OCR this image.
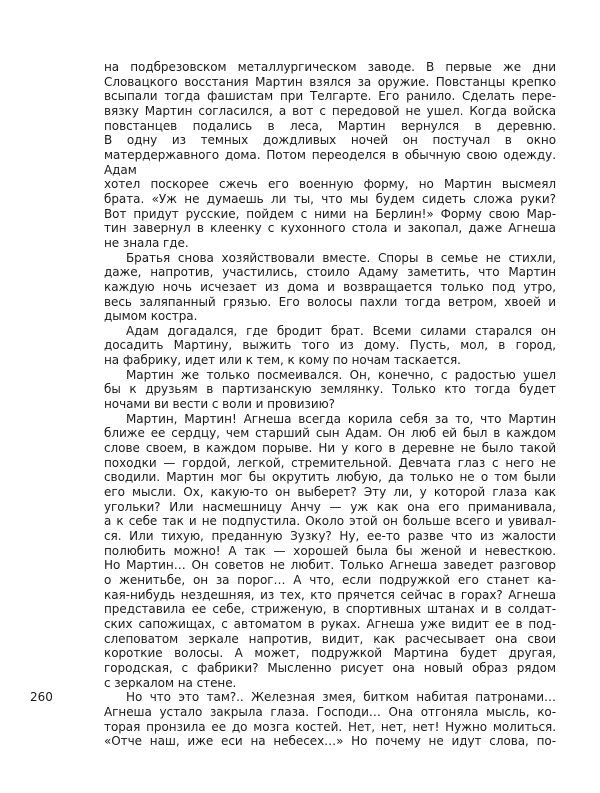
на подбрезовском металлургическом заводе. В первые же дни

Словацкого восстания Мартин взялся за оружие. Повстанцы крепко

всыпали тогда фашистам при Телгарте. Его ранило. Сделать пере-

вязку Мартин согласился, а вот с передовой не ушел. Когда войска

повстанцев подались в леса, Мартин вернулся в деревню.

В одну из темных дождливых ночей он постучал в окно матердержавного дома. Потом переоделся в обычную свою одежду. Адам

хотел поскорее сжечь его военную форму, но Мартин высмеял

брата. «Уж не думаешь ли ты, что мы будем сидеть сложа руки?

Вот придут русские, пойдем с ними на Берлин!» Форму свою Мар-

тин завернул в клеенку с кухонного стола и закопал, даже Агнеша

не знала где.

Братья снова хозяйствовали вместе. Споры в семье не стихли,

даже, напротив, участились, стоило Адаму заметить, что Мартин

каждую ночь исчезает из дома и возвращается только под утро,

весь заляпанный грязью. Его волосы пахли тогда ветром, хвоей и

дымом костра.

Адам догадался, где бродит брат. Всеми силами старался он

досадить Мартину, выжить того из дому. Пусть, мол, в город,

на фабрику, идет или к тем, к кому по ночам таскается.

Мартин же только посмеивался. Он, конечно, с радостью ушел

бы к друзьям в партизанскую землянку. Только кто тогда будет

ночами ви вести с воли и провизию?

Мартин, Мартин! Агнеша всегда корила себя за то, что Мартин

ближе ее сердцу, чем старший сын Адам. Он люб ей был в каждом

слове своем, в каждом порыве. Ни у кого в деревне не было такой

походки — гордой, легкой, стремительной. Девчата глаз с него не

сводили. Мартин мог бы окрутить любую, да только не о том были

его мысли. Ох, какую-то он выберет? Эту ли, у которой глаза как

угольки? Или насмешницу Анчу — уж как она его приманивала,

а к себе так и не подпустила. Около этой он больше всего и увивал-

ся. Или тихую, преданную Зузку? Ну, ее-то разве что из жалости

полюбить можно! А так — хорошей была бы женой и невесткою.

Но Мартин… Он советов не любит. Только Агнеша заведет разговор

о женитьбе, он за порог… А что, если подружкой его станет ка-

кая-нибудь нездешняя, из тех, кто прячется сейчас в горах? Агнеша

представила ее себе, стриженую, в спортивных штанах и в солдат-

ских сапожищах, с автоматом в руках. Агнеша уже видит ее в под-

слеповатом зеркале напротив, видит, как расчесывает она свои

короткие волосы. А может, подружкой Мартина будет другая,

городская, с фабрики? Мысленно рисует она новый образ рядом

с зеркалом на стене.

Но что это там?.. Железная змея, битком набитая патронами…

Агнеша устало закрыла глаза. Господи… Она отгоняла мысль, ко-

торая пронзила ее до мозга костей. Нет, нет, нет! Нужно молиться.

«Отче наш, иже еси на небесех…» Но почему не идут слова, по-

260
